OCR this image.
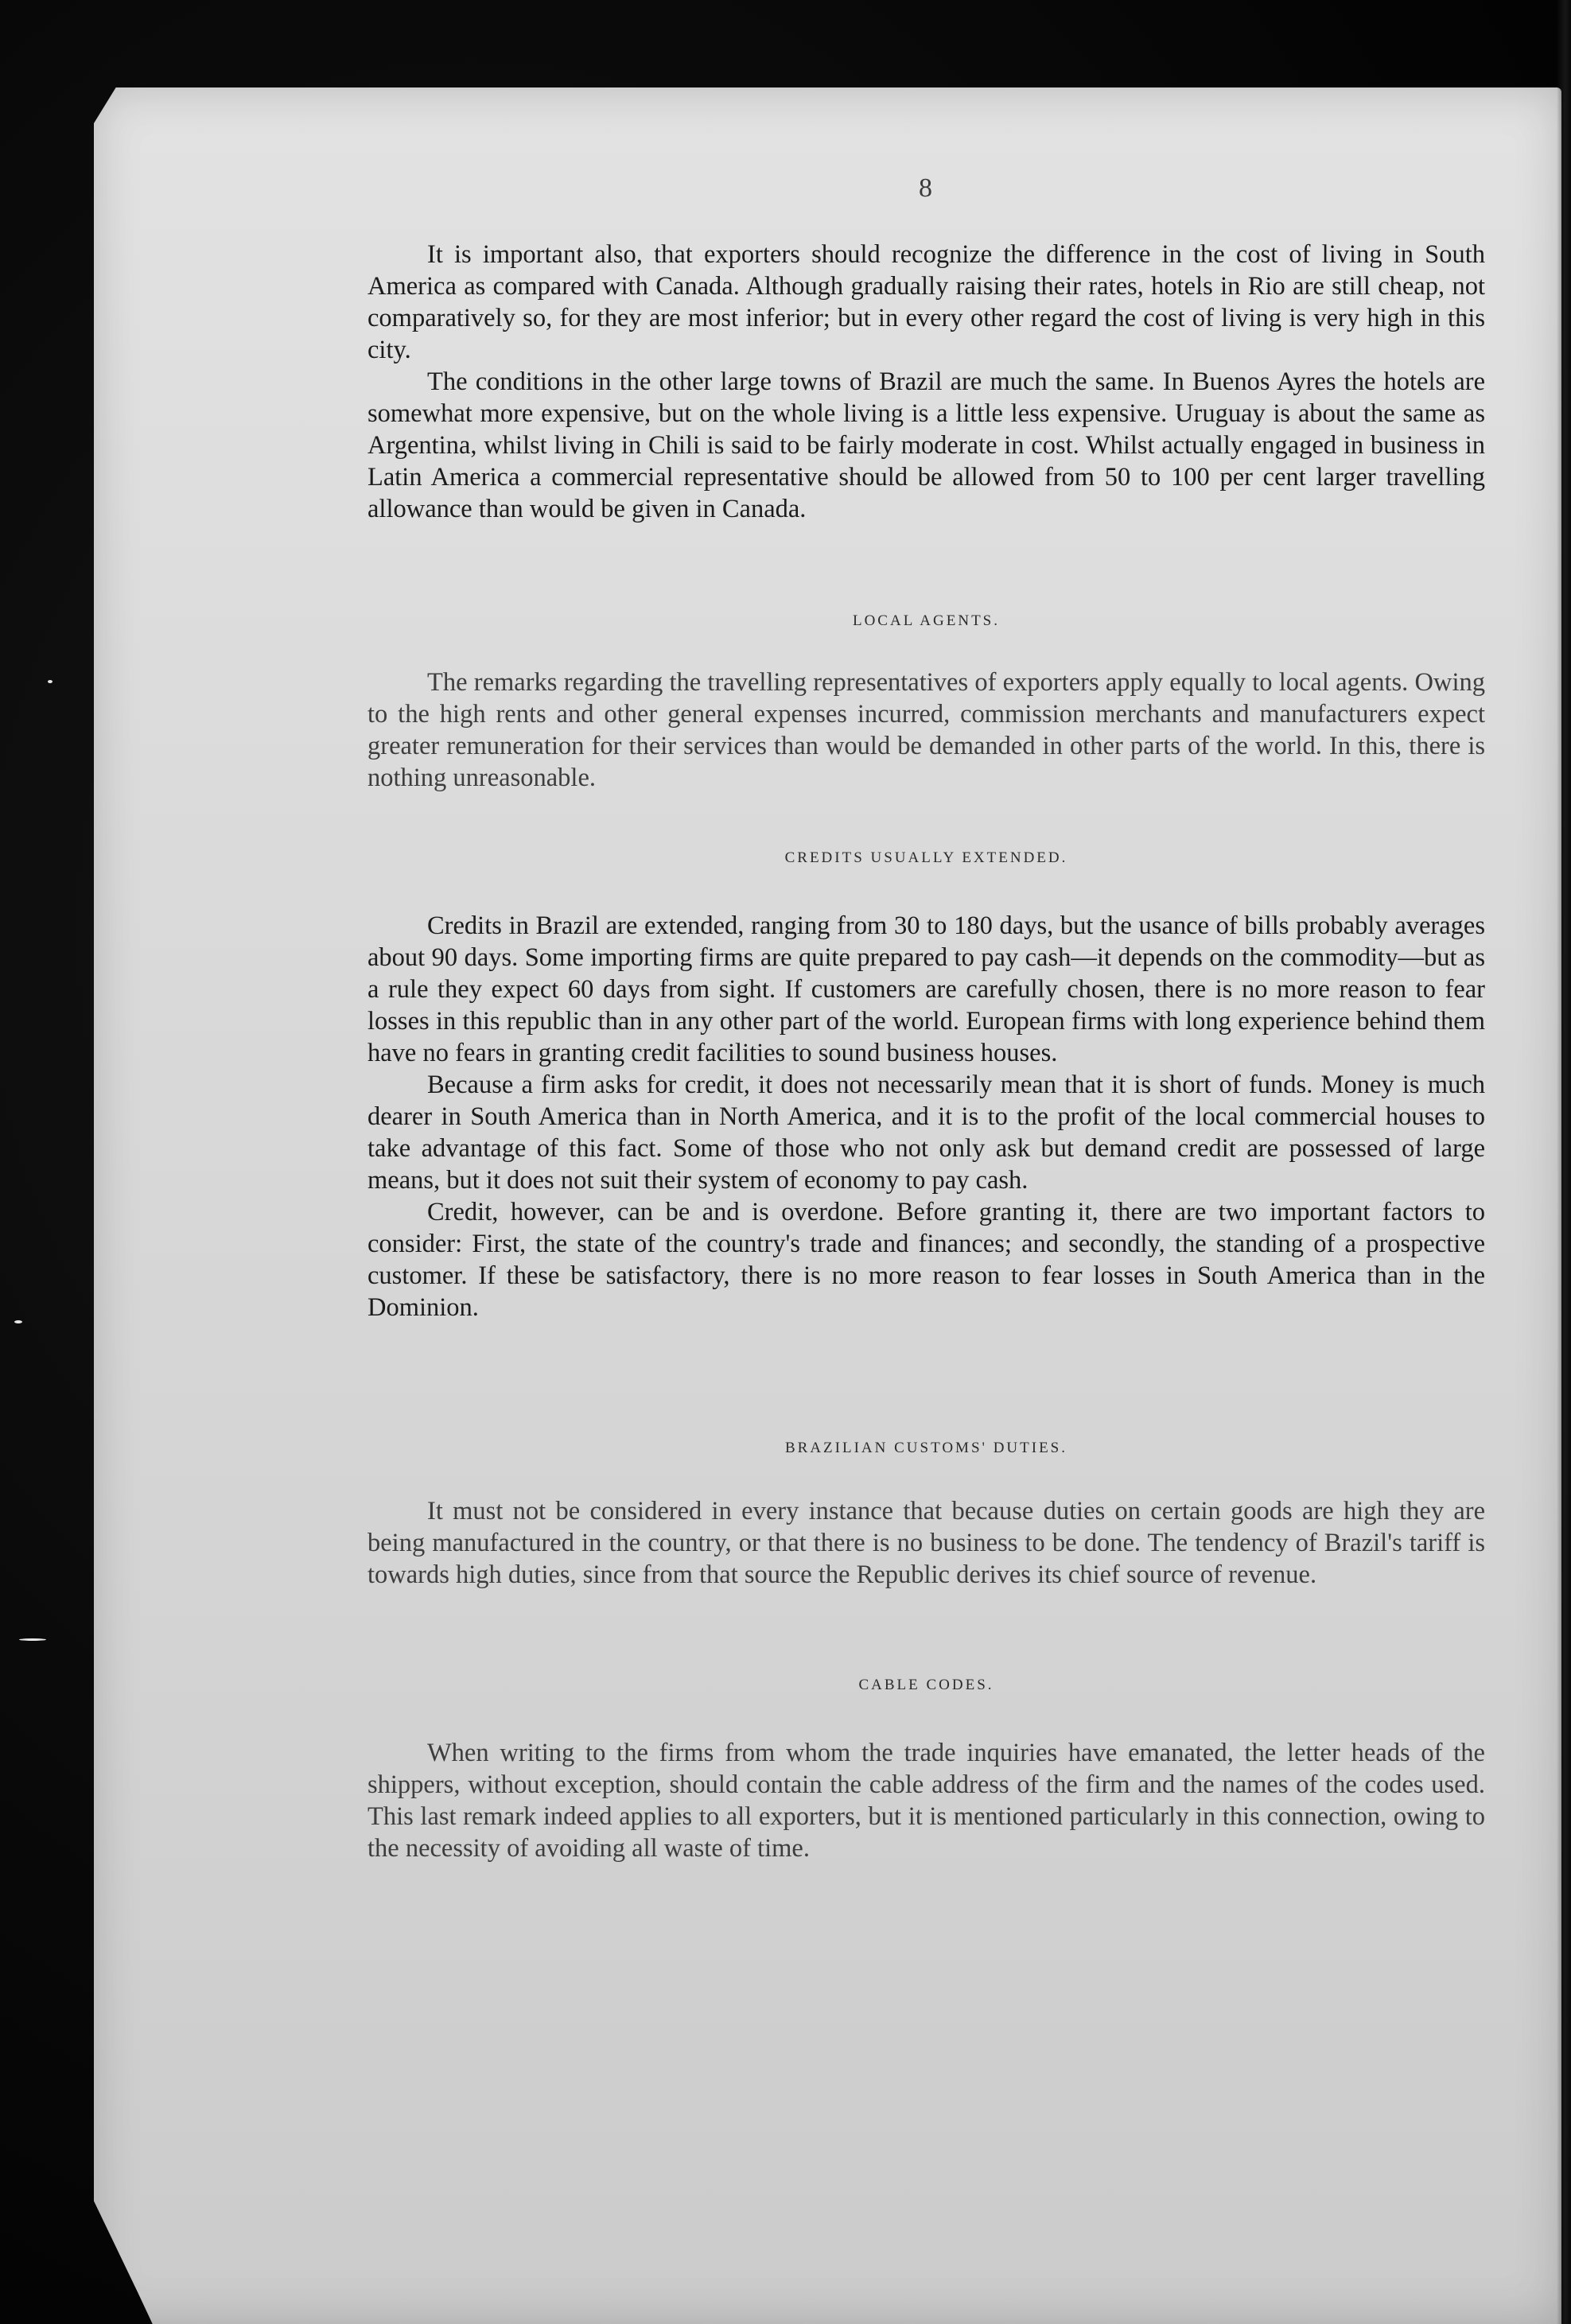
8

It is important also, that exporters should recognize the difference in the cost of living in South America as compared with Canada. Although gradually raising their rates, hotels in Rio are still cheap, not comparatively so, for they are most inferior; but in every other regard the cost of living is very high in this city.

The conditions in the other large towns of Brazil are much the same. In Buenos Ayres the hotels are somewhat more expensive, but on the whole living is a little less expensive. Uruguay is about the same as Argentina, whilst living in Chili is said to be fairly moderate in cost. Whilst actually engaged in business in Latin America a commercial representative should be allowed from 50 to 100 per cent larger travelling allowance than would be given in Canada.

LOCAL AGENTS.

The remarks regarding the travelling representatives of exporters apply equally to local agents. Owing to the high rents and other general expenses incurred, commission merchants and manufacturers expect greater remuneration for their services than would be demanded in other parts of the world. In this, there is nothing unreasonable.

CREDITS USUALLY EXTENDED.

Credits in Brazil are extended, ranging from 30 to 180 days, but the usance of bills probably averages about 90 days. Some importing firms are quite prepared to pay cash—it depends on the commodity—but as a rule they expect 60 days from sight. If customers are carefully chosen, there is no more reason to fear losses in this republic than in any other part of the world. European firms with long experience behind them have no fears in granting credit facilities to sound business houses.

Because a firm asks for credit, it does not necessarily mean that it is short of funds. Money is much dearer in South America than in North America, and it is to the profit of the local commercial houses to take advantage of this fact. Some of those who not only ask but demand credit are possessed of large means, but it does not suit their system of economy to pay cash.

Credit, however, can be and is overdone. Before granting it, there are two important factors to consider: First, the state of the country's trade and finances; and secondly, the standing of a prospective customer. If these be satisfactory, there is no more reason to fear losses in South America than in the Dominion.

BRAZILIAN CUSTOMS' DUTIES.

It must not be considered in every instance that because duties on certain goods are high they are being manufactured in the country, or that there is no business to be done. The tendency of Brazil's tariff is towards high duties, since from that source the Republic derives its chief source of revenue.

CABLE CODES.

When writing to the firms from whom the trade inquiries have emanated, the letter heads of the shippers, without exception, should contain the cable address of the firm and the names of the codes used. This last remark indeed applies to all exporters, but it is mentioned particularly in this connection, owing to the necessity of avoiding all waste of time.
